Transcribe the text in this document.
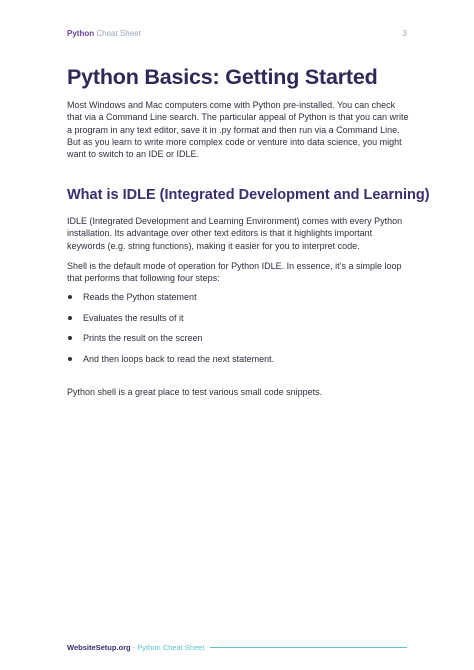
Python Cheat Sheet	3
Python Basics: Getting Started

Most Windows and Mac computers come with Python pre-installed. You can check that via a Command Line search. The particular appeal of Python is that you can write a program in any text editor, save it in .py format and then run via a Command Line. But as you learn to write more complex code or venture into data science, you might want to switch to an IDE or IDLE.

What is IDLE (Integrated Development and Learning)

IDLE (Integrated Development and Learning Environment) comes with every Python installation. Its advantage over other text editors is that it highlights important keywords (e.g. string functions), making it easier for you to interpret code.

Shell is the default mode of operation for Python IDLE. In essence, it’s a simple loop that performs that following four steps:

Reads the Python statement
Evaluates the results of it
Prints the result on the screen
And then loops back to read the next statement.

Python shell is a great place to test various small code snippets.

WebsiteSetup.org - Python Cheat Sheet
